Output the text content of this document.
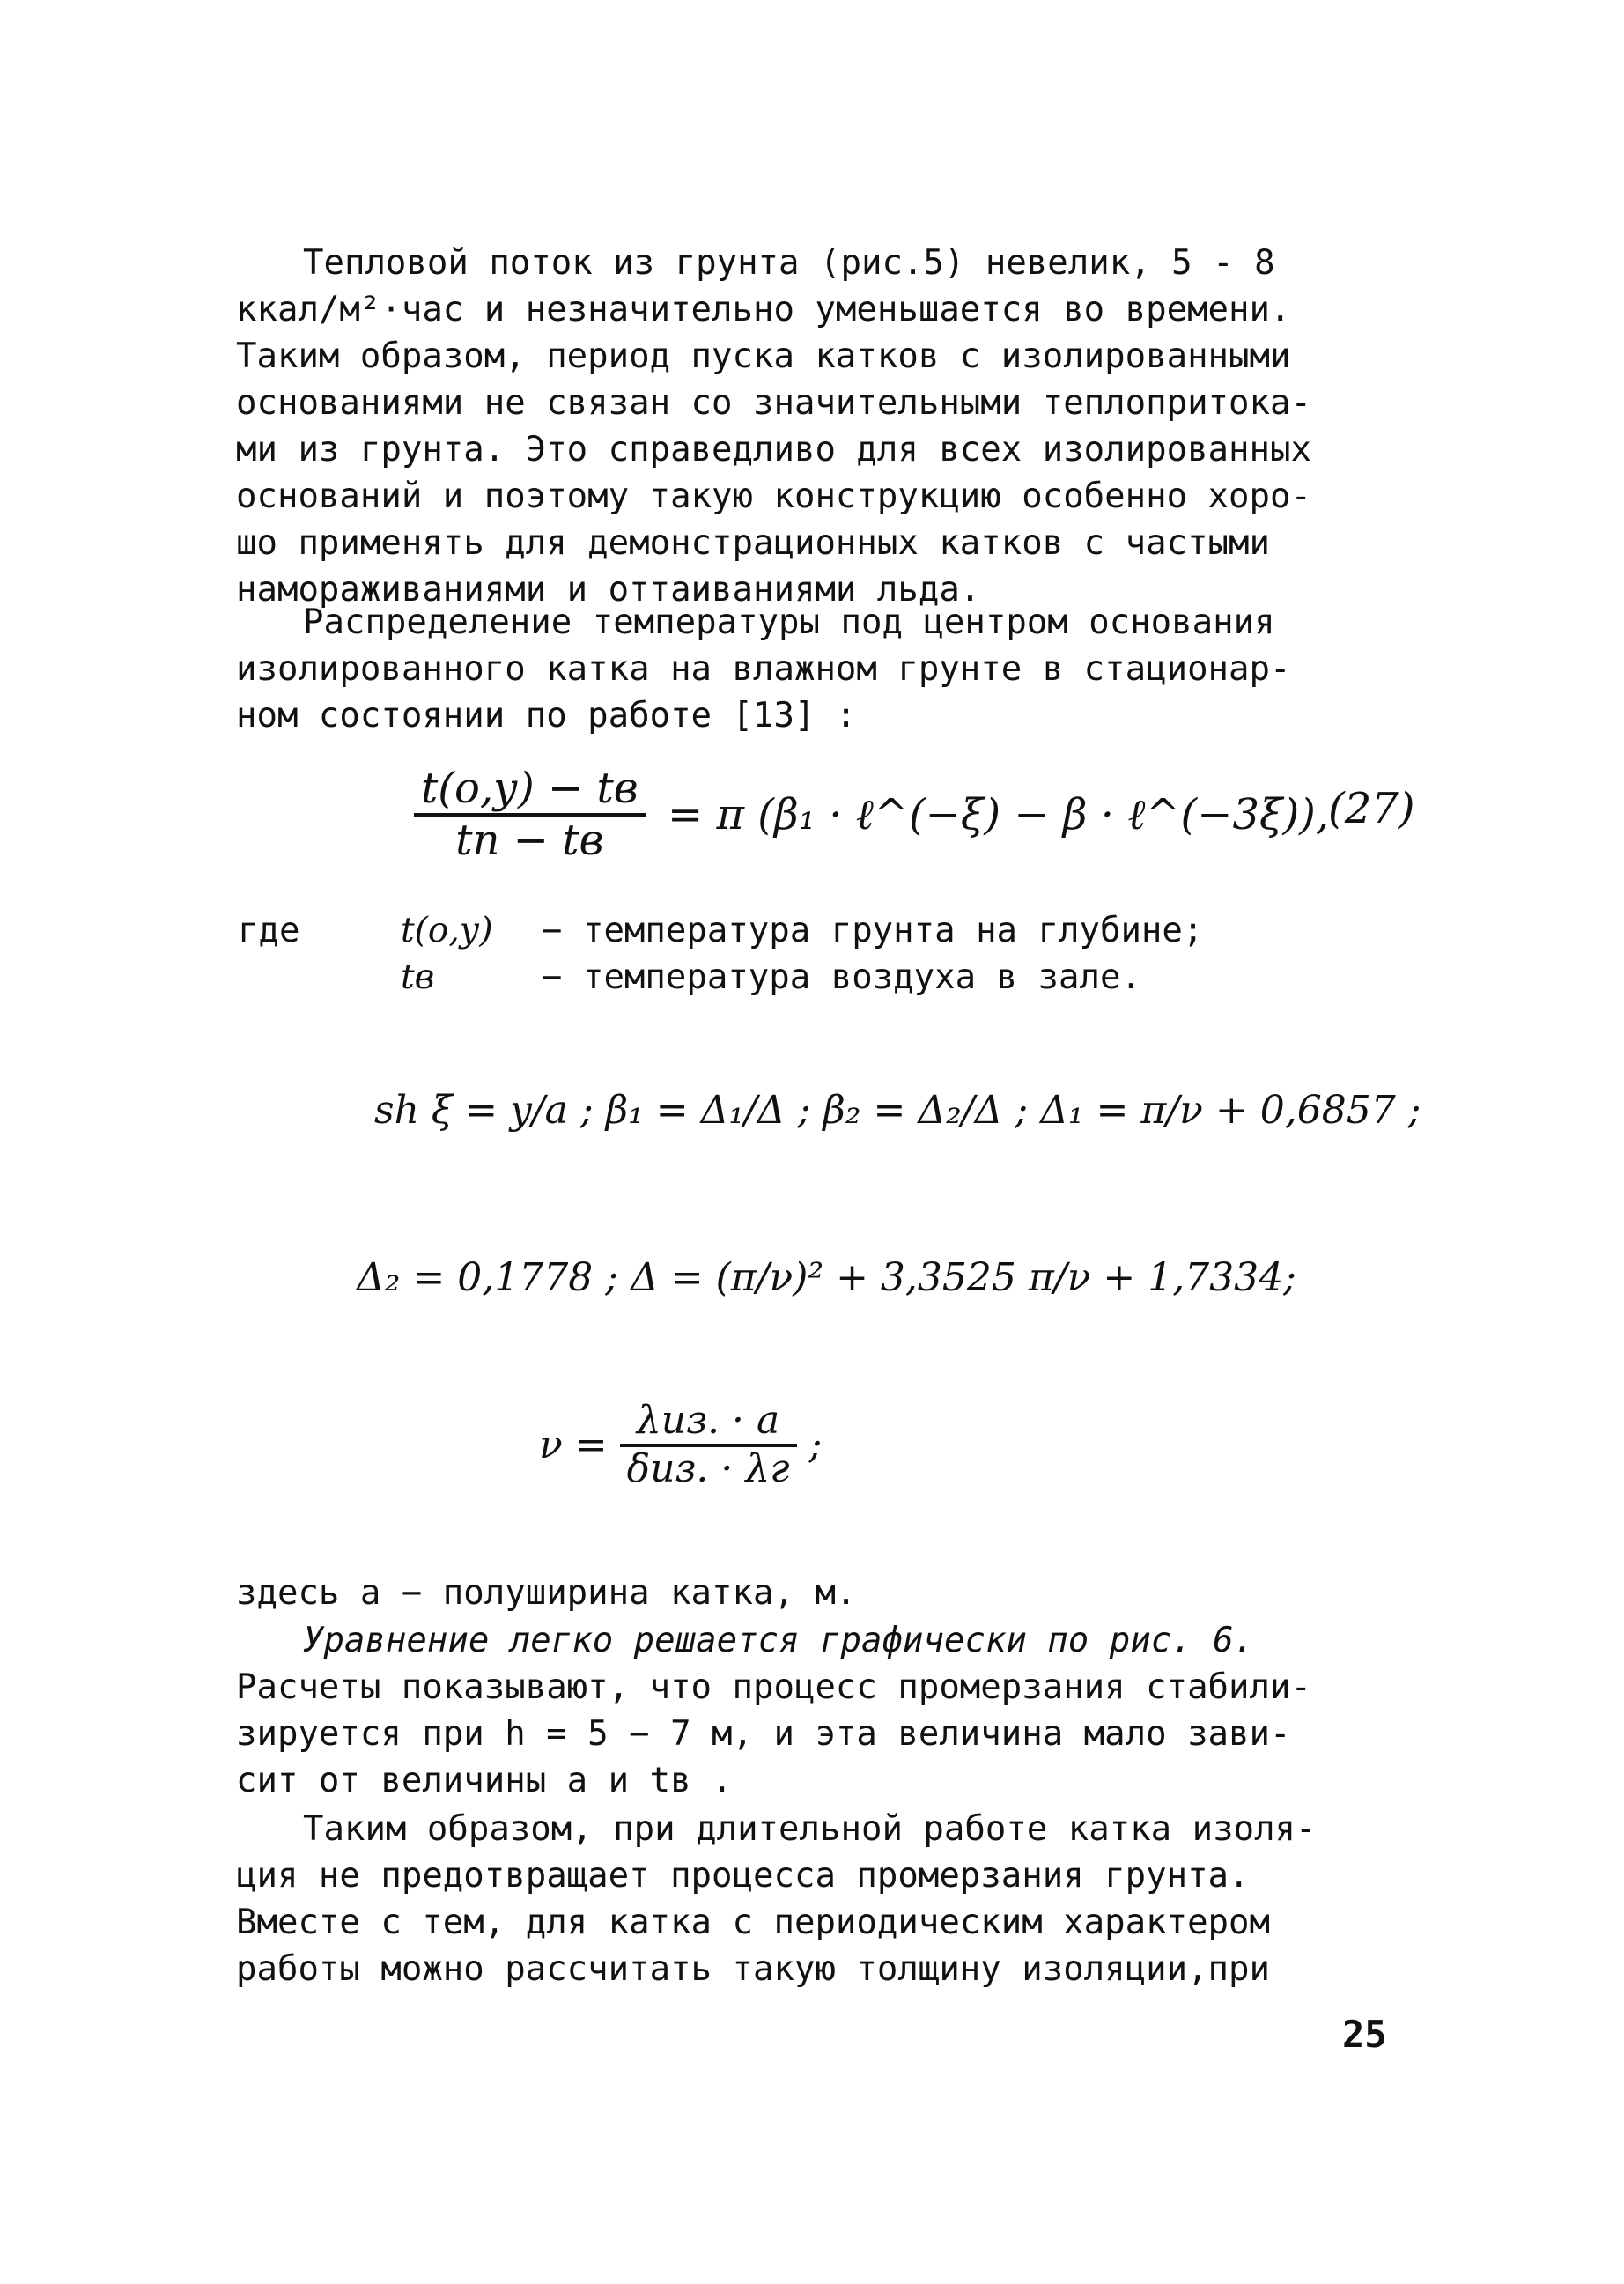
Тепловой поток из грунта (рис.5) невелик, 5 - 8
ккал/м²·час и незначительно уменьшается во времени.
Таким образом, период пуска катков с изолированными
основаниями не связан со значительными теплопритока-
ми из грунта. Это справедливо для всех изолированных
оснований и поэтому такую конструкцию особенно хоро-
шо применять для демонстрационных катков с частыми
намораживаниями и оттаиваниями льда.
Распределение температуры под центром основания
изолированного катка на влажном грунте в стационар-
ном состоянии по работе [13] :
$\frac{t(о,у) - tв}{tп - tв} = \pi$ (β₁ · ℓ^(−ξ) − β · ℓ^(−3ξ)),
(27)
где	t(о,у) − температура грунта на глубине;
tв	− температура воздуха в зале.
sh ξ = y/a ; β₁ = Δ₁/Δ ; β₂ = Δ₂/Δ ; Δ₁ = π/ν + 0,6857 ;
Δ₂ = 0,1778 ; Δ = (π/ν)² + 3,3525 π/ν + 1,7334;
$\nu = \frac{\text{λиз. · a}}{\text{δиз. · λг}}$ ;
здесь a − полуширина катка, м.
Уравнение легко решается графически по рис. 6.
Расчеты показывают, что процесс промерзания стабили-
зируется при h = 5 − 7 м, и эта величина мало зави-
сит от величины a и tв .
Таким образом, при длительной работе катка изоля-
ция не предотвращает процесса промерзания грунта.
Вместе с тем, для катка с периодическим характером
работы можно рассчитать такую толщину изоляции,при
25
